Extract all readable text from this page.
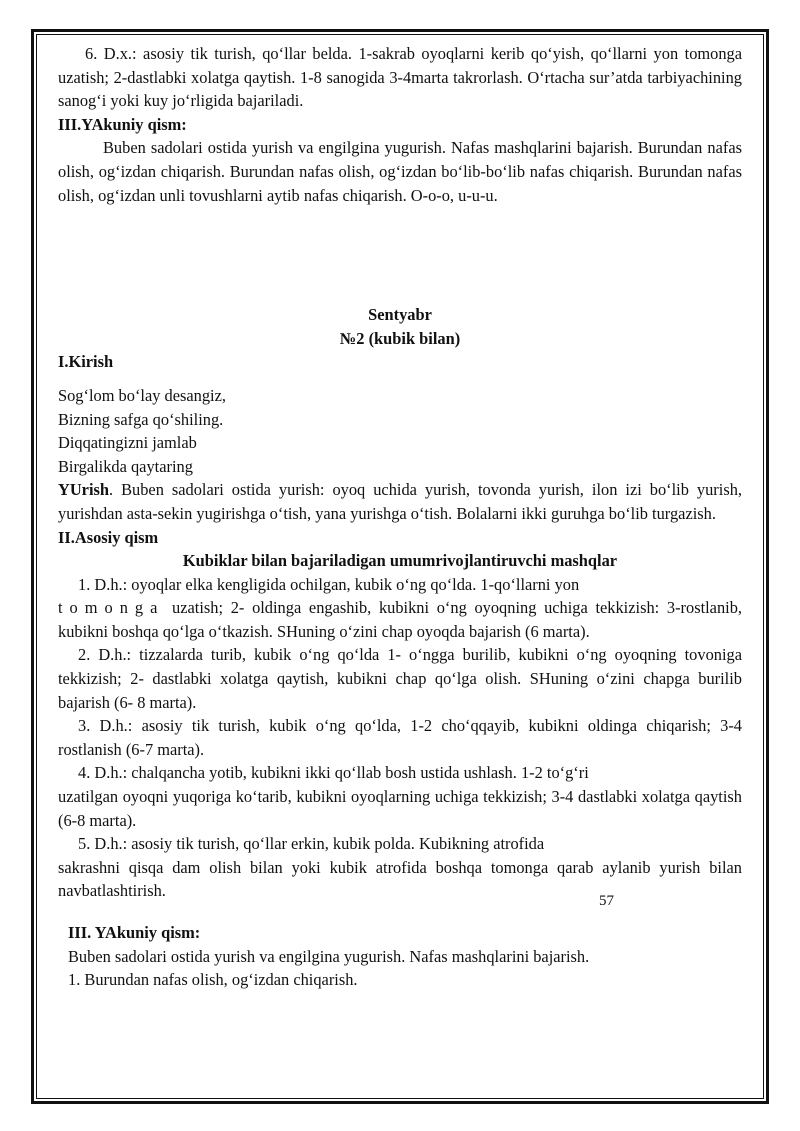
6. D.x.: asosiy tik turish, qo‘llar belda. 1-sakrab oyoqlarni kerib qo‘yish, qo‘llarni yon tomonga uzatish; 2-dastlabki xolatga qaytish. 1-8 sanogida 3-4marta takrorlash. O‘rtacha sur’atda tarbiyachining sanog‘i yoki kuy jo‘rligida bajariladi.

III.YAkuniy qism:

Buben sadolari ostida yurish va engilgina yugurish. Nafas mashqlarini bajarish. Burundan nafas olish, og‘izdan chiqarish. Burundan nafas olish, og‘izdan bo‘lib-bo‘lib nafas chiqarish. Burundan nafas olish, og‘izdan unli tovushlarni aytib nafas chiqarish. O-o-o, u-u-u.

Sentyabr

№2 (kubik bilan)

I.Kirish

Sog‘lom bo‘lay desangiz,

Bizning safga qo‘shiling.

Diqqatingizni jamlab

Birgalikda qaytaring

YUrish. Buben sadolari ostida yurish: oyoq uchida yurish, tovonda yurish, ilon izi bo‘lib yurish, yurishdan asta-sekin yugirishga o‘tish, yana yurishga o‘tish. Bolalarni ikki guruhga bo‘lib turgazish.

II.Asosiy qism

Kubiklar bilan bajariladigan umumrivojlantiruvchi mashqlar

1. D.h.: oyoqlar elka kengligida ochilgan, kubik o‘ng qo‘lda. 1-qo‘llarni yon

tomonga uzatish; 2- oldinga engashib, kubikni o‘ng oyoqning uchiga tekkizish: 3-rostlanib, kubikni boshqa qo‘lga o‘tkazish. SHuning o‘zini chap oyoqda bajarish (6 marta).

2. D.h.: tizzalarda turib, kubik o‘ng qo‘lda 1- o‘ngga burilib, kubikni o‘ng oyoqning tovoniga tekkizish; 2- dastlabki xolatga qaytish, kubikni chap qo‘lga olish. SHuning o‘zini chapga burilib bajarish (6- 8 marta).

3. D.h.: asosiy tik turish, kubik o‘ng qo‘lda, 1-2 cho‘qqayib, kubikni oldinga chiqarish; 3-4 rostlanish (6-7 marta).

4. D.h.: chalqancha yotib, kubikni ikki qo‘llab bosh ustida ushlash. 1-2 to‘g‘ri

uzatilgan oyoqni yuqoriga ko‘tarib, kubikni oyoqlarning uchiga tekkizish; 3-4 dastlabki xolatga qaytish (6-8 marta).

5. D.h.: asosiy tik turish, qo‘llar erkin, kubik polda. Kubikning atrofida

sakrashni qisqa dam olish bilan yoki kubik atrofida boshqa tomonga qarab aylanib yurish bilan navbatlashtirish.

III. YAkuniy qism:

Buben sadolari ostida yurish va engilgina yugurish. Nafas mashqlarini bajarish.

1. Burundan nafas olish, og‘izdan chiqarish.

57
